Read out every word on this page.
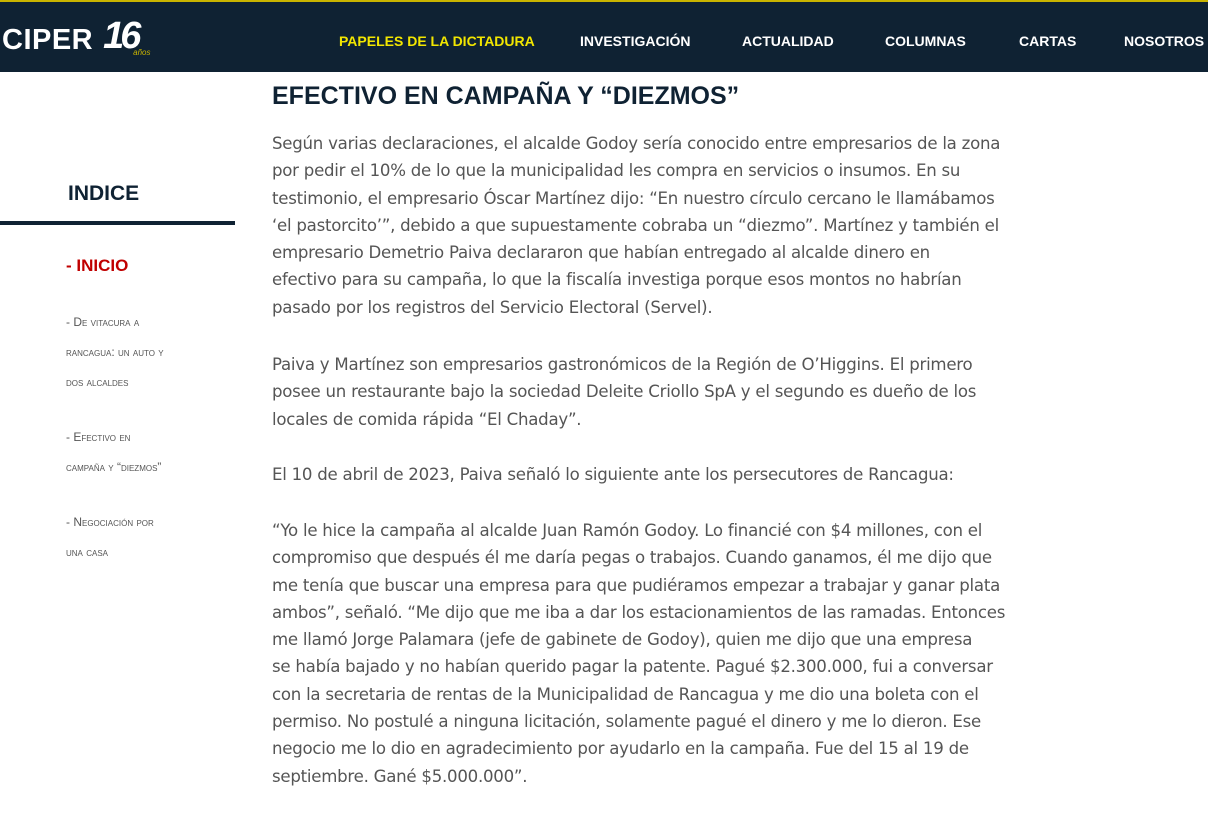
CIPER 16
años
PAPELES DE LA DICTADURA	INVESTIGACIÓN	ACTUALIDAD	COLUMNAS	CARTAS	NOSOTROS
INDICE
- INICIO
- De vitacura a
rancagua: un auto y
dos alcaldes
- Efectivo en
campaña y “diezmos”
- Negociación por
una casa
EFECTIVO EN CAMPAÑA Y “DIEZMOS”
Según varias declaraciones, el alcalde Godoy sería conocido entre empresarios de la zona
por pedir el 10% de lo que la municipalidad les compra en servicios o insumos. En su
testimonio, el empresario Óscar Martínez dijo: “En nuestro círculo cercano le llamábamos
‘el pastorcito’”, debido a que supuestamente cobraba un “diezmo”. Martínez y también el
empresario Demetrio Paiva declararon que habían entregado al alcalde dinero en
efectivo para su campaña, lo que la fiscalía investiga porque esos montos no habrían
pasado por los registros del Servicio Electoral (Servel).
Paiva y Martínez son empresarios gastronómicos de la Región de O’Higgins. El primero
posee un restaurante bajo la sociedad Deleite Criollo SpA y el segundo es dueño de los
locales de comida rápida “El Chaday”.
El 10 de abril de 2023, Paiva señaló lo siguiente ante los persecutores de Rancagua:
“Yo le hice la campaña al alcalde Juan Ramón Godoy. Lo financié con $4 millones, con el
compromiso que después él me daría pegas o trabajos. Cuando ganamos, él me dijo que
me tenía que buscar una empresa para que pudiéramos empezar a trabajar y ganar plata
ambos”, señaló. “Me dijo que me iba a dar los estacionamientos de las ramadas. Entonces
me llamó Jorge Palamara (jefe de gabinete de Godoy), quien me dijo que una empresa
se había bajado y no habían querido pagar la patente. Pagué $2.300.000, fui a conversar
con la secretaria de rentas de la Municipalidad de Rancagua y me dio una boleta con el
permiso. No postulé a ninguna licitación, solamente pagué el dinero y me lo dieron. Ese
negocio me lo dio en agradecimiento por ayudarlo en la campaña. Fue del 15 al 19 de
septiembre. Gané $5.000.000”.
